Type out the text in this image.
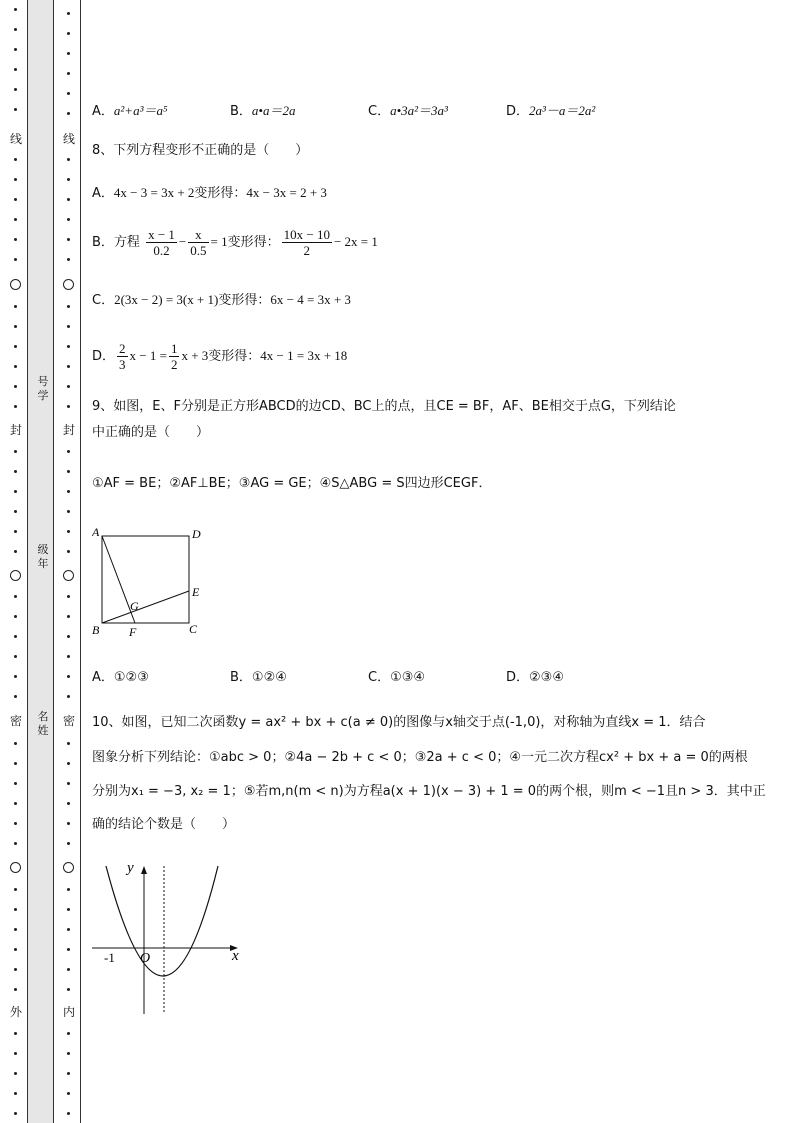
线
封
密
外
线
封
密
内
号学
级年
名姓
A．a²+a³＝a⁵	B．a•a＝2a	C．a•3a²＝3a³	D．2a³－a＝2a²
8、下列方程变形不正确的是（　　）
A．4x − 3 = 3x + 2变形得：4x − 3x = 2 + 3
B．方程 $\frac{x - 1}{0.2} - \frac{x}{0.5} = 1$变形得： $\frac{10x - 10}{2} - 2x = 1$
C．2(3x − 2) = 3(x + 1)变形得：6x − 4 = 3x + 3
D． $\frac{2}{3}$ $x - 1 = \frac{1}{2}$ x + 3变形得：4x − 1 = 3x + 18
9、如图，E、F分别是正方形ABCD的边CD、BC上的点，且CE = BF，AF、BE相交于点G，下列结论
中正确的是（　　）
①AF = BE；②AF⊥BE；③AG = GE；④S△ABG = S四边形CEGF．
A	D
B	C
E
F
G
A．①②③	B．①②④	C．①③④	D．②③④
10、如图，已知二次函数y = ax² + bx + c(a ≠ 0)的图像与x轴交于点(-1,0)，对称轴为直线x = 1．结合
图象分析下列结论：①abc > 0；②4a − 2b + c < 0；③2a + c < 0；④一元二次方程cx² + bx + a = 0的两根
分别为x₁ = −3, x₂ = 1；⑤若m,n(m < n)为方程a(x + 1)(x − 3) + 1 = 0的两个根，则m < −1且n > 3．其中正
确的结论个数是（　　）
y
x
O
-1
